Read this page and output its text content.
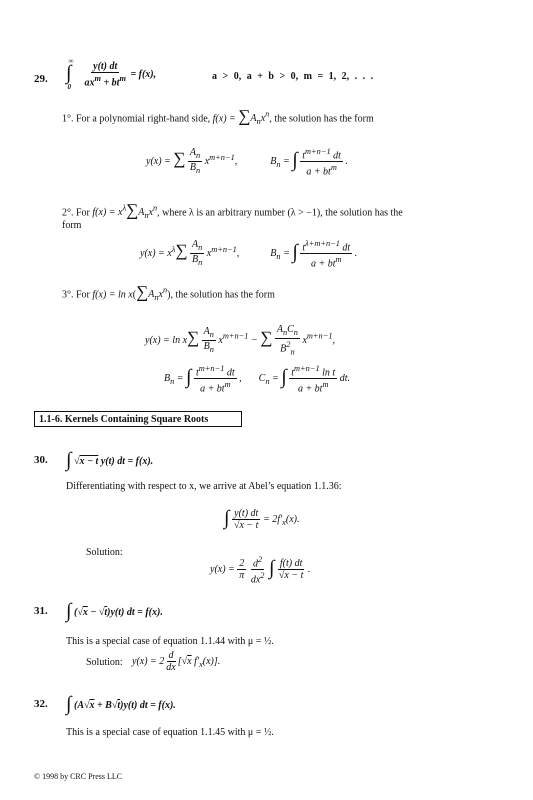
29. $\int^\infty_0 \frac{y(t) dt}{ax^m + bt^m} = f(x)$,	a > 0, a + b > 0, m = 1, 2, . . .
1°. For a polynomial right-hand side, $f(x) = \sum A_nx^n$, the solution has the form
y(x) = ∑ $\frac{A_n}{B_n} x^{m+n-1}$,	$B_n$ = ∫ $\frac{t^{m+n-1} dt}{a + bt^m}$ .
2°. For $f(x) = x^\lambda\sum A_nx^n$, where λ is an arbitrary number (λ > −1), the solution has the
form
$y(x) = x^\lambda\sum \frac{A_n}{B_n} x^{m+n-1}$,	$B_n$ = ∫ $\frac{t^{\lambda+m+n-1} dt}{a + bt^m}$ .
3°. For $f(x) = \ln x(\sum A_nx^n)$, the solution has the form
$y(x) = \ln x\sum \frac{A_n}{B_n} x^{m+n-1}$ − ∑ $\frac{A_nC_n}{B^2_n} x^{m+n-1}$,
$B_n$ = ∫ $\frac{t^{m+n-1} dt}{a + bt^m}$ ,  $C_n$ = ∫ $\frac{t^{m+n-1} \ln t}{a + bt^m}$ dt.
1.1-6. Kernels Containing Square Roots
30. ∫ √x − t y(t) dt = f(x).
Differentiating with respect to x, we arrive at Abel’s equation 1.1.36:
∫ $\frac{y(t) dt}{√x - t} = 2f'_x(x)$.
Solution:
$y(x) = \frac{2}{\pi}$
$\frac{d^2}{dx^2}$ ∫ $\frac{f(t) dt}{√x - t}$ .
31. ∫ (√x − √t)y(t) dt = f(x).
This is a special case of equation 1.1.44 with μ = ½.
Solution: $y(x) = 2 \frac{d}{dx} [√x$ $f'_x(x)$].
32. ∫ (A√x + B√t)y(t) dt = f(x).
This is a special case of equation 1.1.45 with μ = ½.
© 1998 by CRC Press LLC
